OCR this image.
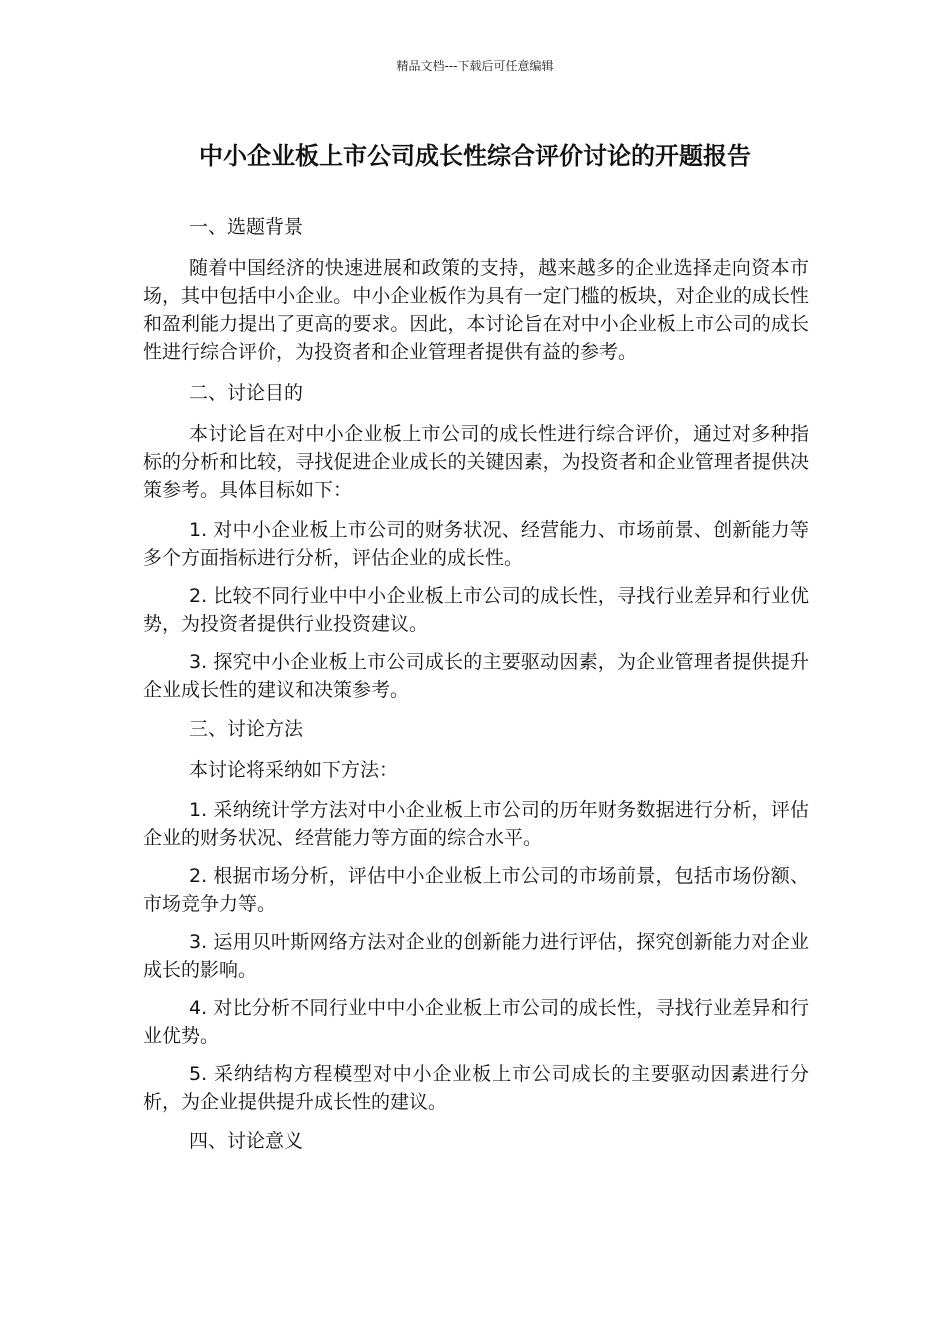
精品文档---下载后可任意编辑
中小企业板上市公司成长性综合评价讨论的开题报告
一、选题背景

随着中国经济的快速进展和政策的支持，越来越多的企业选择走向资本市场，其中包括中小企业。中小企业板作为具有一定门槛的板块，对企业的成长性和盈利能力提出了更高的要求。因此，本讨论旨在对中小企业板上市公司的成长性进行综合评价，为投资者和企业管理者提供有益的参考。

二、讨论目的

本讨论旨在对中小企业板上市公司的成长性进行综合评价，通过对多种指标的分析和比较，寻找促进企业成长的关键因素，为投资者和企业管理者提供决策参考。具体目标如下：

1. 对中小企业板上市公司的财务状况、经营能力、市场前景、创新能力等多个方面指标进行分析，评估企业的成长性。

2. 比较不同行业中中小企业板上市公司的成长性，寻找行业差异和行业优势，为投资者提供行业投资建议。

3. 探究中小企业板上市公司成长的主要驱动因素，为企业管理者提供提升企业成长性的建议和决策参考。

三、讨论方法

本讨论将采纳如下方法：

1. 采纳统计学方法对中小企业板上市公司的历年财务数据进行分析，评估企业的财务状况、经营能力等方面的综合水平。

2. 根据市场分析，评估中小企业板上市公司的市场前景，包括市场份额、市场竞争力等。

3. 运用贝叶斯网络方法对企业的创新能力进行评估，探究创新能力对企业成长的影响。

4. 对比分析不同行业中中小企业板上市公司的成长性，寻找行业差异和行业优势。

5. 采纳结构方程模型对中小企业板上市公司成长的主要驱动因素进行分析，为企业提供提升成长性的建议。

四、讨论意义
